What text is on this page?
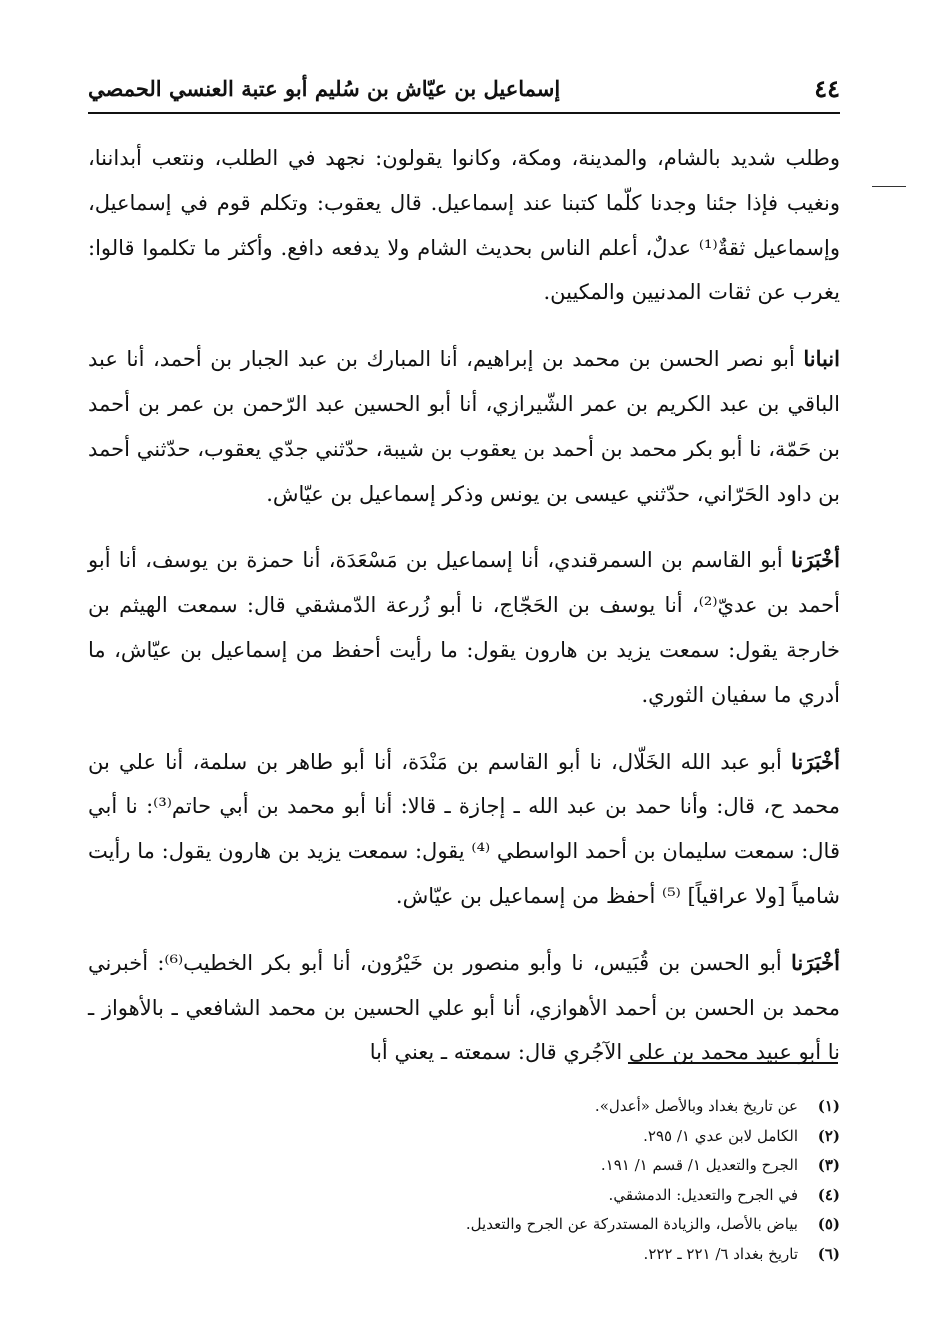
٤٤
إسماعيل بن عيّاش بن سُليم أبو عتبة العنسي الحمصي

وطلب شديد بالشام، والمدينة، ومكة، وكانوا يقولون: نجهد في الطلب، ونتعب أبداننا، ونغيب فإذا جئنا وجدنا كلّما كتبنا عند إسماعيل. قال يعقوب: وتكلم قوم في إسماعيل، وإسماعيل ثقةٌ⁽¹⁾ عدلٌ، أعلم الناس بحديث الشام ولا يدفعه دافع. وأكثر ما تكلموا قالوا: يغرب عن ثقات المدنيين والمكيين.

انبانا أبو نصر الحسن بن محمد بن إبراهيم، أنا المبارك بن عبد الجبار بن أحمد، أنا عبد الباقي بن عبد الكريم بن عمر الشّيرازي، أنا أبو الحسين عبد الرّحمن بن عمر بن أحمد بن حَمّة، نا أبو بكر محمد بن أحمد بن يعقوب بن شيبة، حدّثني جدّي يعقوب، حدّثني أحمد بن داود الحَرّاني، حدّثني عيسى بن يونس وذكر إسماعيل بن عيّاش.

أخْبَرَنا أبو القاسم بن السمرقندي، أنا إسماعيل بن مَسْعَدَة، أنا حمزة بن يوسف، أنا أبو أحمد بن عديّ⁽²⁾، أنا يوسف بن الحَجّاج، نا أبو زُرعة الدّمشقي قال: سمعت الهيثم بن خارجة يقول: سمعت يزيد بن هارون يقول: ما رأيت أحفظ من إسماعيل بن عيّاش، ما أدري ما سفيان الثوري.

أخْبَرَنا أبو عبد الله الخَلّال، نا أبو القاسم بن مَنْدَة، أنا أبو طاهر بن سلمة، أنا علي بن محمد ح، قال: وأنا حمد بن عبد الله ـ إجازة ـ قالا: أنا أبو محمد بن أبي حاتم⁽³⁾: نا أبي قال: سمعت سليمان بن أحمد الواسطي ⁽⁴⁾ يقول: سمعت يزيد بن هارون يقول: ما رأيت شامياً [ولا عراقياً] ⁽⁵⁾ أحفظ من إسماعيل بن عيّاش.

أخْبَرَنا أبو الحسن بن قُبَيس، نا وأبو منصور بن خَيْرُون، أنا أبو بكر الخطيب⁽⁶⁾: أخبرني محمد بن الحسن بن أحمد الأهوازي، أنا أبو علي الحسين بن محمد الشافعي ـ بالأهواز ـ نا أبو عبيد محمد بن علي الآجُري قال: سمعته ـ يعني أبا

(١)
عن تاريخ بغداد وبالأصل «أعدل».
(٢)
الكامل لابن عدي ١/ ٢٩٥.
(٣)
الجرح والتعديل ١/ قسم ١/ ١٩١.
(٤)
في الجرح والتعديل: الدمشقي.
(٥)
بياض بالأصل، والزيادة المستدركة عن الجرح والتعديل.
(٦)
تاريخ بغداد ٦/ ٢٢١ ـ ٢٢٢.
